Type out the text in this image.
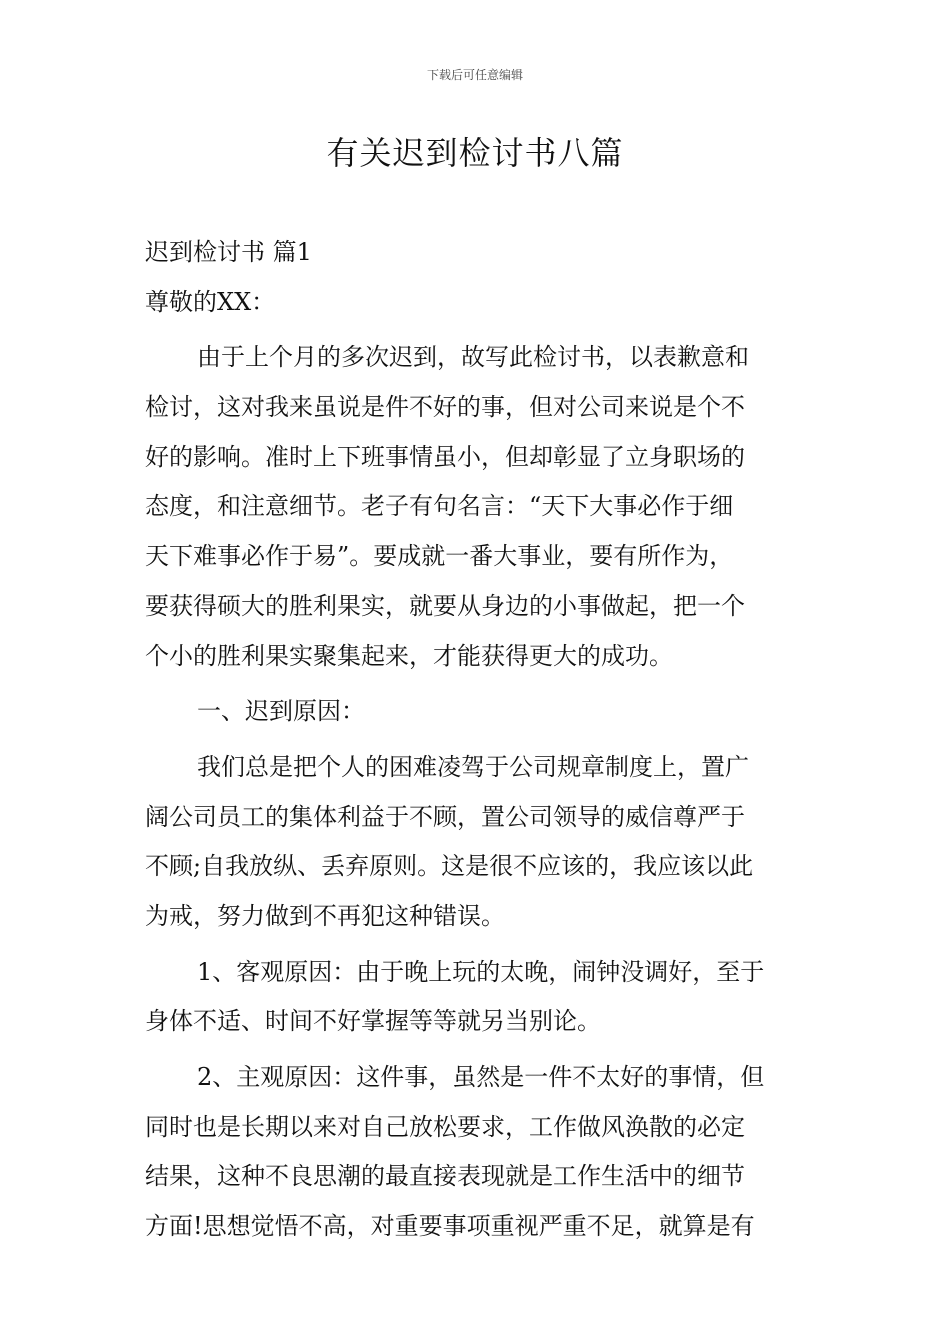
下载后可任意编辑
有关迟到检讨书八篇
迟到检讨书 篇1
尊敬的XX：
由于上个月的多次迟到，故写此检讨书，以表歉意和
检讨，这对我来虽说是件不好的事，但对公司来说是个不
好的影响。准时上下班事情虽小，但却彰显了立身职场的
态度，和注意细节。老子有句名言：“天下大事必作于细
天下难事必作于易”。要成就一番大事业，要有所作为，
要获得硕大的胜利果实，就要从身边的小事做起，把一个
个小的胜利果实聚集起来，才能获得更大的成功。
一、迟到原因：
我们总是把个人的困难凌驾于公司规章制度上，置广
阔公司员工的集体利益于不顾，置公司领导的威信尊严于
不顾;自我放纵、丢弃原则。这是很不应该的，我应该以此
为戒，努力做到不再犯这种错误。
1、客观原因：由于晚上玩的太晚，闹钟没调好，至于
身体不适、时间不好掌握等等就另当别论。
2、主观原因：这件事，虽然是一件不太好的事情，但
同时也是长期以来对自己放松要求，工作做风涣散的必定
结果，这种不良思潮的最直接表现就是工作生活中的细节
方面!思想觉悟不高，对重要事项重视严重不足，就算是有
